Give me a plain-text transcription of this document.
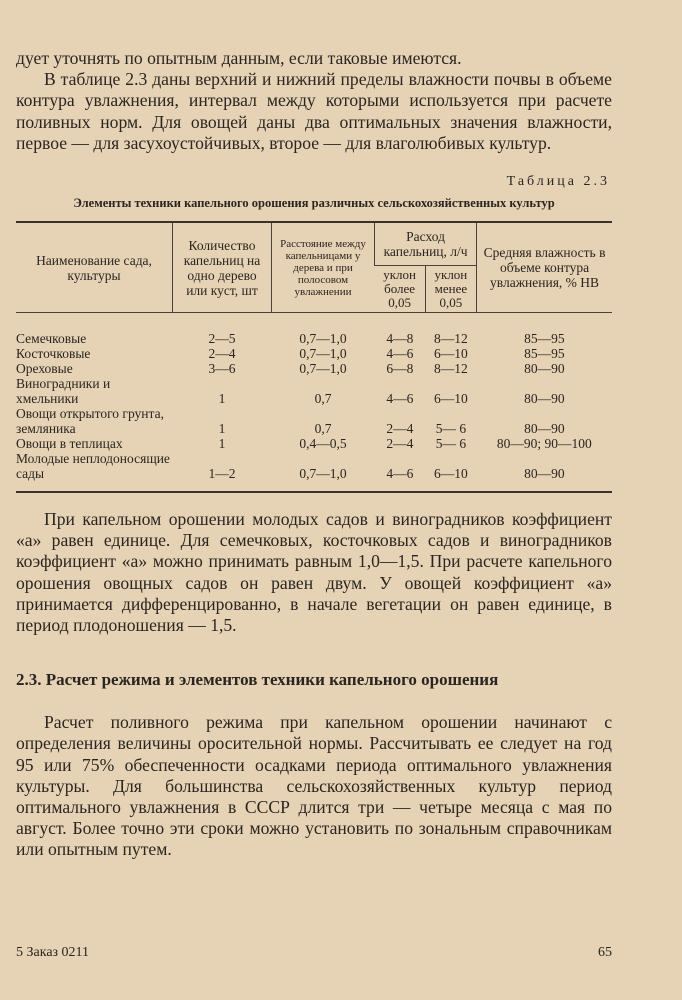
дует уточнять по опытным данным, если таковые имеются.

В таблице 2.3 даны верхний и нижний пределы влажности почвы в объеме контура увлажнения, интервал между которыми используется при расчете поливных норм. Для овощей даны два оптимальных значения влажности, первое — для засухоустойчивых, второе — для влаголюбивых культур.

Таблица 2.3
Элементы техники капельного орошения различных сельскохозяйственных культур
Наименование сада, культуры	Количество капельниц на одно дерево или куст, шт	Расстояние между капельницами у дерева и при полосовом увлажнении	Расход капельниц, л/ч		Средняя влажность в объеме контура увлажнения, % НВ
			уклон более 0,05	уклон менее 0,05	
Семечковые	2—5	0,7—1,0	4—8	8—12	85—95
Косточковые	2—4	0,7—1,0	4—6	6—10	85—95
Ореховые	3—6	0,7—1,0	6—8	8—12	80—90
Виноградники и хмельники	1	0,7	4—6	6—10	80—90
Овощи открытого грунта, земляника	1	0,7	2—4	5— 6	80—90
Овощи в теплицах	1	0,4—0,5	2—4	5— 6	80—90; 90—100
Молодые неплодоносящие сады	1—2	0,7—1,0	4—6	6—10	80—90
При капельном орошении молодых садов и виноградников коэффициент «а» равен единице. Для семечковых, косточковых садов и виноградников коэффициент «а» можно принимать равным 1,0—1,5. При расчете капельного орошения овощных садов он равен двум. У овощей коэффициент «а» принимается дифференцированно, в начале вегетации он равен единице, в период плодоношения — 1,5.
2.3. Расчет режима и элементов техники капельного орошения
Расчет поливного режима при капельном орошении начинают с определения величины оросительной нормы. Рассчитывать ее следует на год 95 или 75% обеспеченности осадками периода оптимального увлажнения культуры. Для большинства сельскохозяйственных культур период оптимального увлажнения в СССР длится три — четыре месяца с мая по август. Более точно эти сроки можно установить по зональным справочникам или опытным путем.
5 Заказ 0211	65
